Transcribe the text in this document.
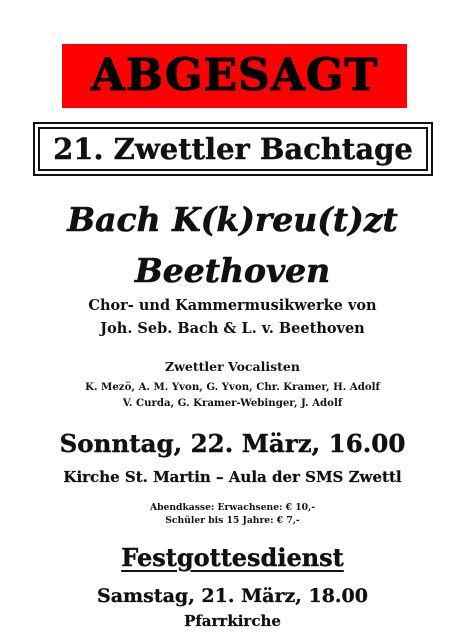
ABGESAGT
21. Zwettler Bachtage
Bach K(k)reu(t)zt
Beethoven
Chor- und Kammermusikwerke von
Joh. Seb. Bach & L. v. Beethoven
Zwettler Vocalisten
K. Mezö, A. M. Yvon, G. Yvon, Chr. Kramer, H. Adolf
V. Curda, G. Kramer-Webinger, J. Adolf
Sonntag, 22. März, 16.00
Kirche St. Martin – Aula der SMS Zwettl
Abendkasse: Erwachsene: € 10,-
Schüler bis 15 Jahre: € 7,-
Festgottesdienst
Samstag, 21. März, 18.00
Pfarrkirche
